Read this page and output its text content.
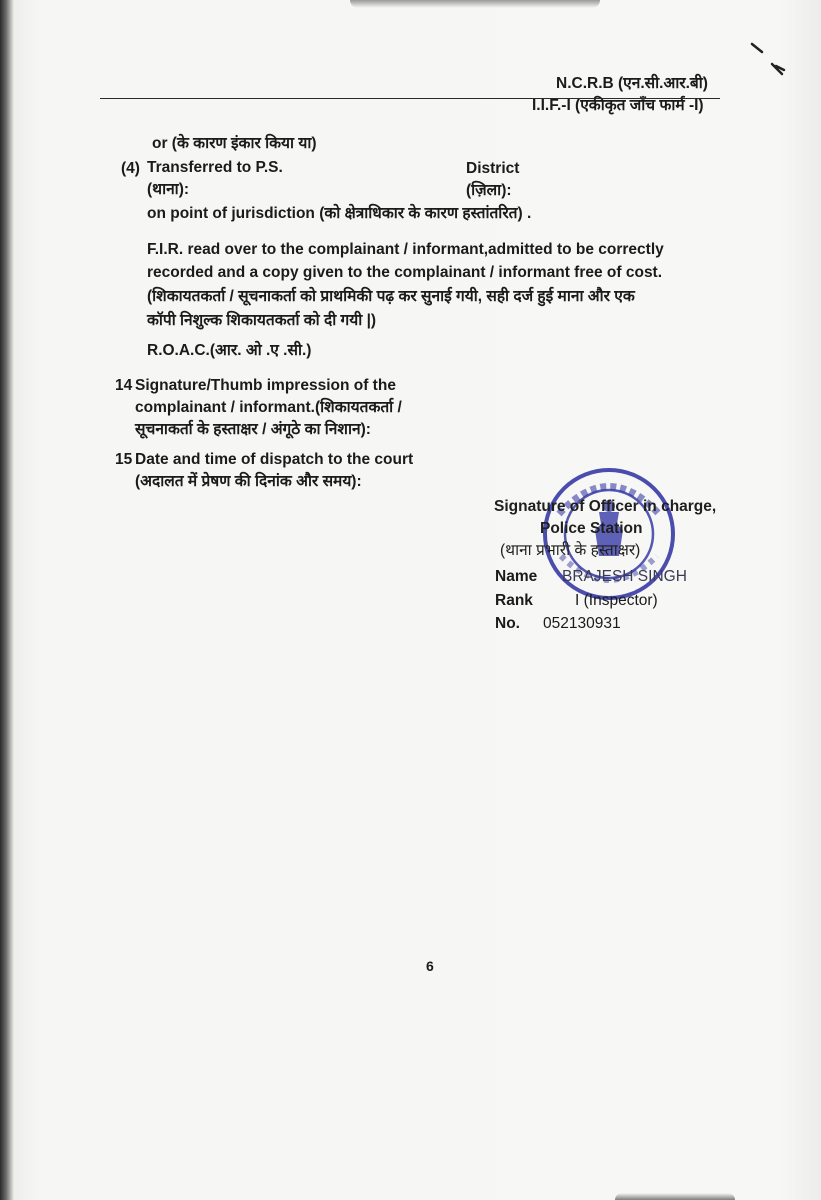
N.C.R.B (एन.सी.आर.बी)
I.I.F.-I (एकीकृत जाँच फार्म -I)
or (के कारण इंकार किया या)
(4) Transferred to P.S.	District
(थाना):	(ज़िला):
on point of jurisdiction (को क्षेत्राधिकार के कारण हस्तांतरित) .
F.I.R. read over to the complainant / informant,admitted to be correctly
recorded and a copy given to the complainant / informant free of cost.
(शिकायतकर्ता / सूचनाकर्ता को प्राथमिकी पढ़ कर सुनाई गयी, सही दर्ज हुई माना और एक
कॉपी निशुल्क शिकायतकर्ता को दी गयी |)
R.O.A.C.(आर. ओ .ए .सी.)
14 Signature/Thumb impression of the
complainant / informant.(शिकायतकर्ता /
सूचनाकर्ता के हस्ताक्षर / अंगूठे का निशान):
15 Date and time of dispatch to the court
(अदालत में प्रेषण की दिनांक और समय):
Signature of Officer in charge,
Police Station
(थाना प्रभारी के हस्ताक्षर)
Name BRAJESH SINGH
Rank	I (Inspector)
No. 052130931
6
